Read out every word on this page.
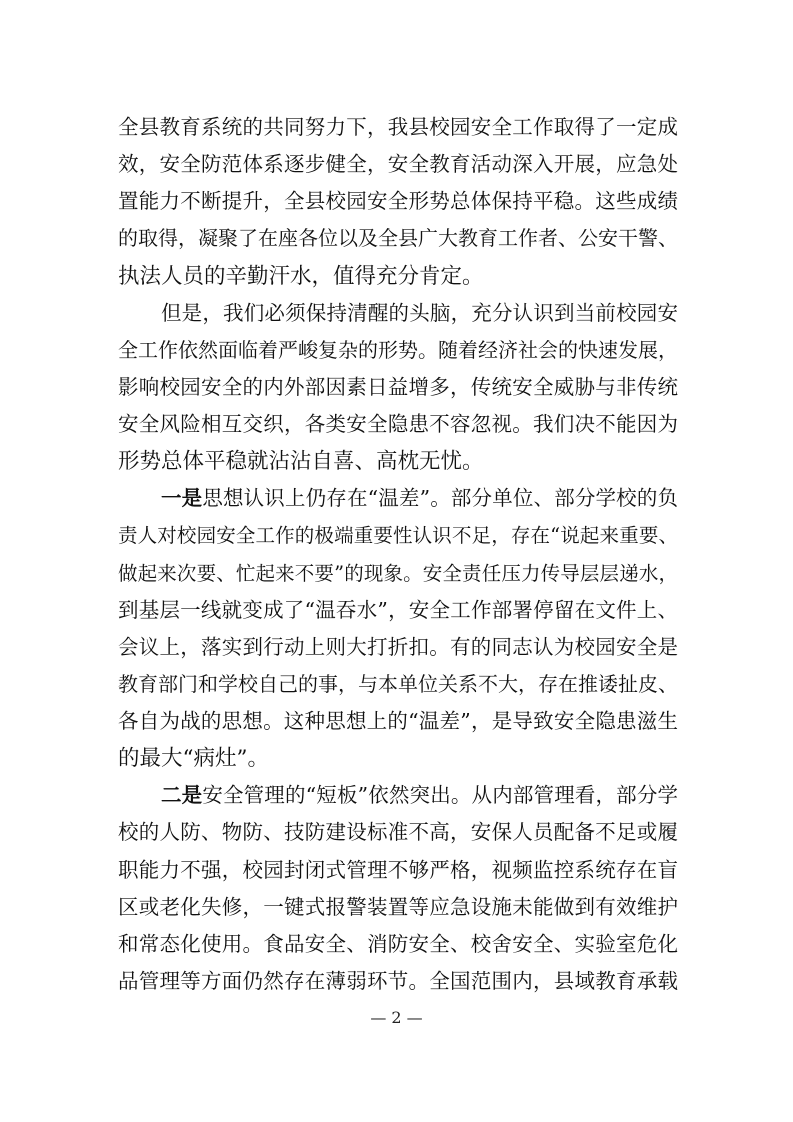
全县教育系统的共同努力下，我县校园安全工作取得了一定成
效，安全防范体系逐步健全，安全教育活动深入开展，应急处
置能力不断提升，全县校园安全形势总体保持平稳。这些成绩
的取得，凝聚了在座各位以及全县广大教育工作者、公安干警、
执法人员的辛勤汗水，值得充分肯定。
但是，我们必须保持清醒的头脑，充分认识到当前校园安
全工作依然面临着严峻复杂的形势。随着经济社会的快速发展，
影响校园安全的内外部因素日益增多，传统安全威胁与非传统
安全风险相互交织，各类安全隐患不容忽视。我们决不能因为
形势总体平稳就沾沾自喜、高枕无忧。
一是思想认识上仍存在“温差”。部分单位、部分学校的负
责人对校园安全工作的极端重要性认识不足，存在“说起来重要、
做起来次要、忙起来不要”的现象。安全责任压力传导层层递水，
到基层一线就变成了“温吞水”，安全工作部署停留在文件上、
会议上，落实到行动上则大打折扣。有的同志认为校园安全是
教育部门和学校自己的事，与本单位关系不大，存在推诿扯皮、
各自为战的思想。这种思想上的“温差”，是导致安全隐患滋生
的最大“病灶”。
二是安全管理的“短板”依然突出。从内部管理看，部分学
校的人防、物防、技防建设标准不高，安保人员配备不足或履
职能力不强，校园封闭式管理不够严格，视频监控系统存在盲
区或老化失修，一键式报警装置等应急设施未能做到有效维护
和常态化使用。食品安全、消防安全、校舍安全、实验室危化
品管理等方面仍然存在薄弱环节。全国范围内，县域教育承载
— 2 —
